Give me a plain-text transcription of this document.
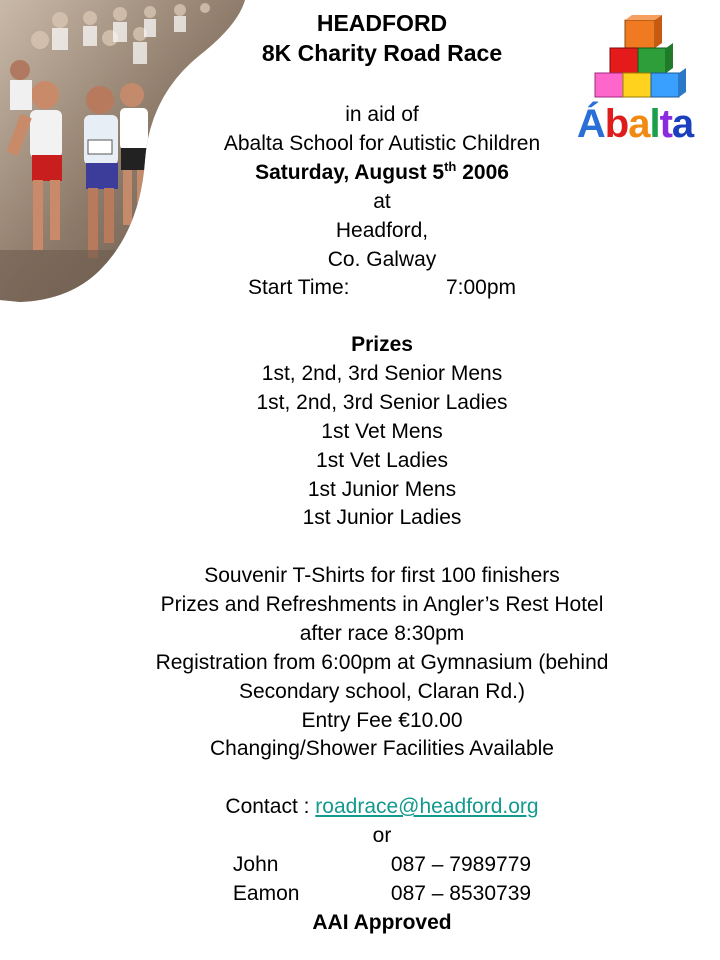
Ábalta
HEADFORD
8K Charity Road Race
in aid of
Abalta School for Autistic Children
Saturday, August 5th 2006
at
Headford,
Co. Galway
Start Time:	7:00pm
Prizes
1st, 2nd, 3rd Senior Mens
1st, 2nd, 3rd Senior Ladies
1st Vet Mens
1st Vet Ladies
1st Junior Mens
1st Junior Ladies
Souvenir T-Shirts for first 100 finishers
Prizes and Refreshments in Angler’s Rest Hotel
after race 8:30pm
Registration from 6:00pm at Gymnasium (behind
Secondary school, Claran Rd.)
Entry Fee €10.00
Changing/Shower Facilities Available
Contact : roadrace@headford.org
or
John	087 – 7989779
Eamon	087 – 8530739
AAI Approved
